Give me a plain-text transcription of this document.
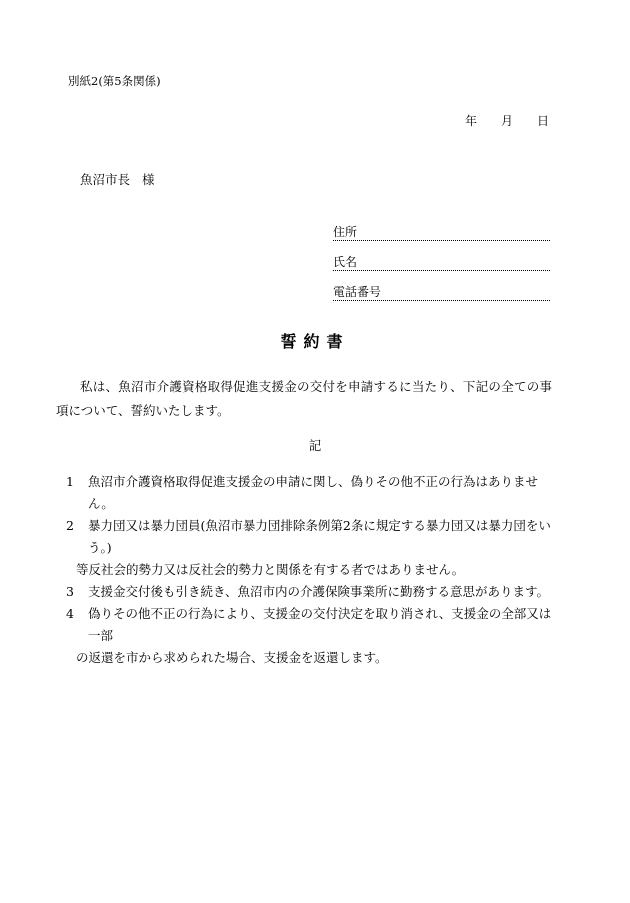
別紙2(第5条関係)
年 月 日
魚沼市長 様
住所
氏名
電話番号
誓約書
私は、魚沼市介護資格取得促進支援金の交付を申請するに当たり、下記の全ての事項について、誓約いたします。
記
1	魚沼市介護資格取得促進支援金の申請に関し、偽りその他不正の行為はありません。
2	暴力団又は暴力団員(魚沼市暴力団排除条例第2条に規定する暴力団又は暴力団をいう。)
等反社会的勢力又は反社会的勢力と関係を有する者ではありません。
3	支援金交付後も引き続き、魚沼市内の介護保険事業所に勤務する意思があります。
4	偽りその他不正の行為により、支援金の交付決定を取り消され、支援金の全部又は一部
の返還を市から求められた場合、支援金を返還します。
